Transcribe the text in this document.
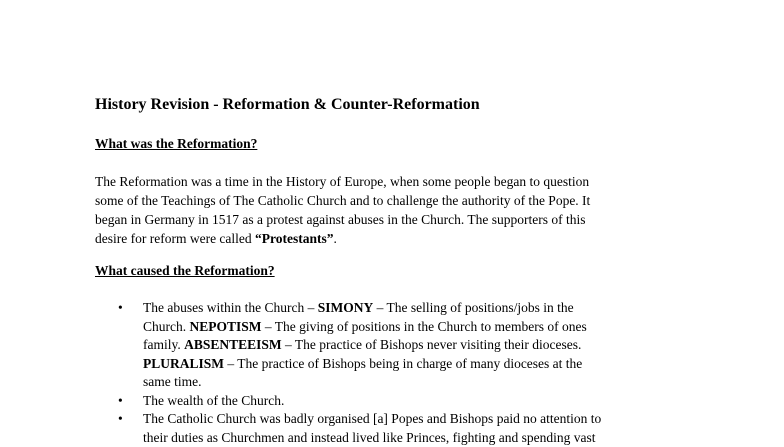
History Revision - Reformation & Counter-Reformation
What was the Reformation?
The Reformation was a time in the History of Europe, when some people began to question
some of the Teachings of The Catholic Church and to challenge the authority of the Pope. It
began in Germany in 1517 as a protest against abuses in the Church. The supporters of this
desire for reform were called “Protestants”.
What caused the Reformation?
• The abuses within the Church – SIMONY – The selling of positions/jobs in the
Church. NEPOTISM – The giving of positions in the Church to members of ones
family. ABSENTEEISM – The practice of Bishops never visiting their dioceses.
PLURALISM – The practice of Bishops being in charge of many dioceses at the
same time.
• The wealth of the Church.
• The Catholic Church was badly organised [a] Popes and Bishops paid no attention to
their duties as Churchmen and instead lived like Princes, fighting and spending vast
